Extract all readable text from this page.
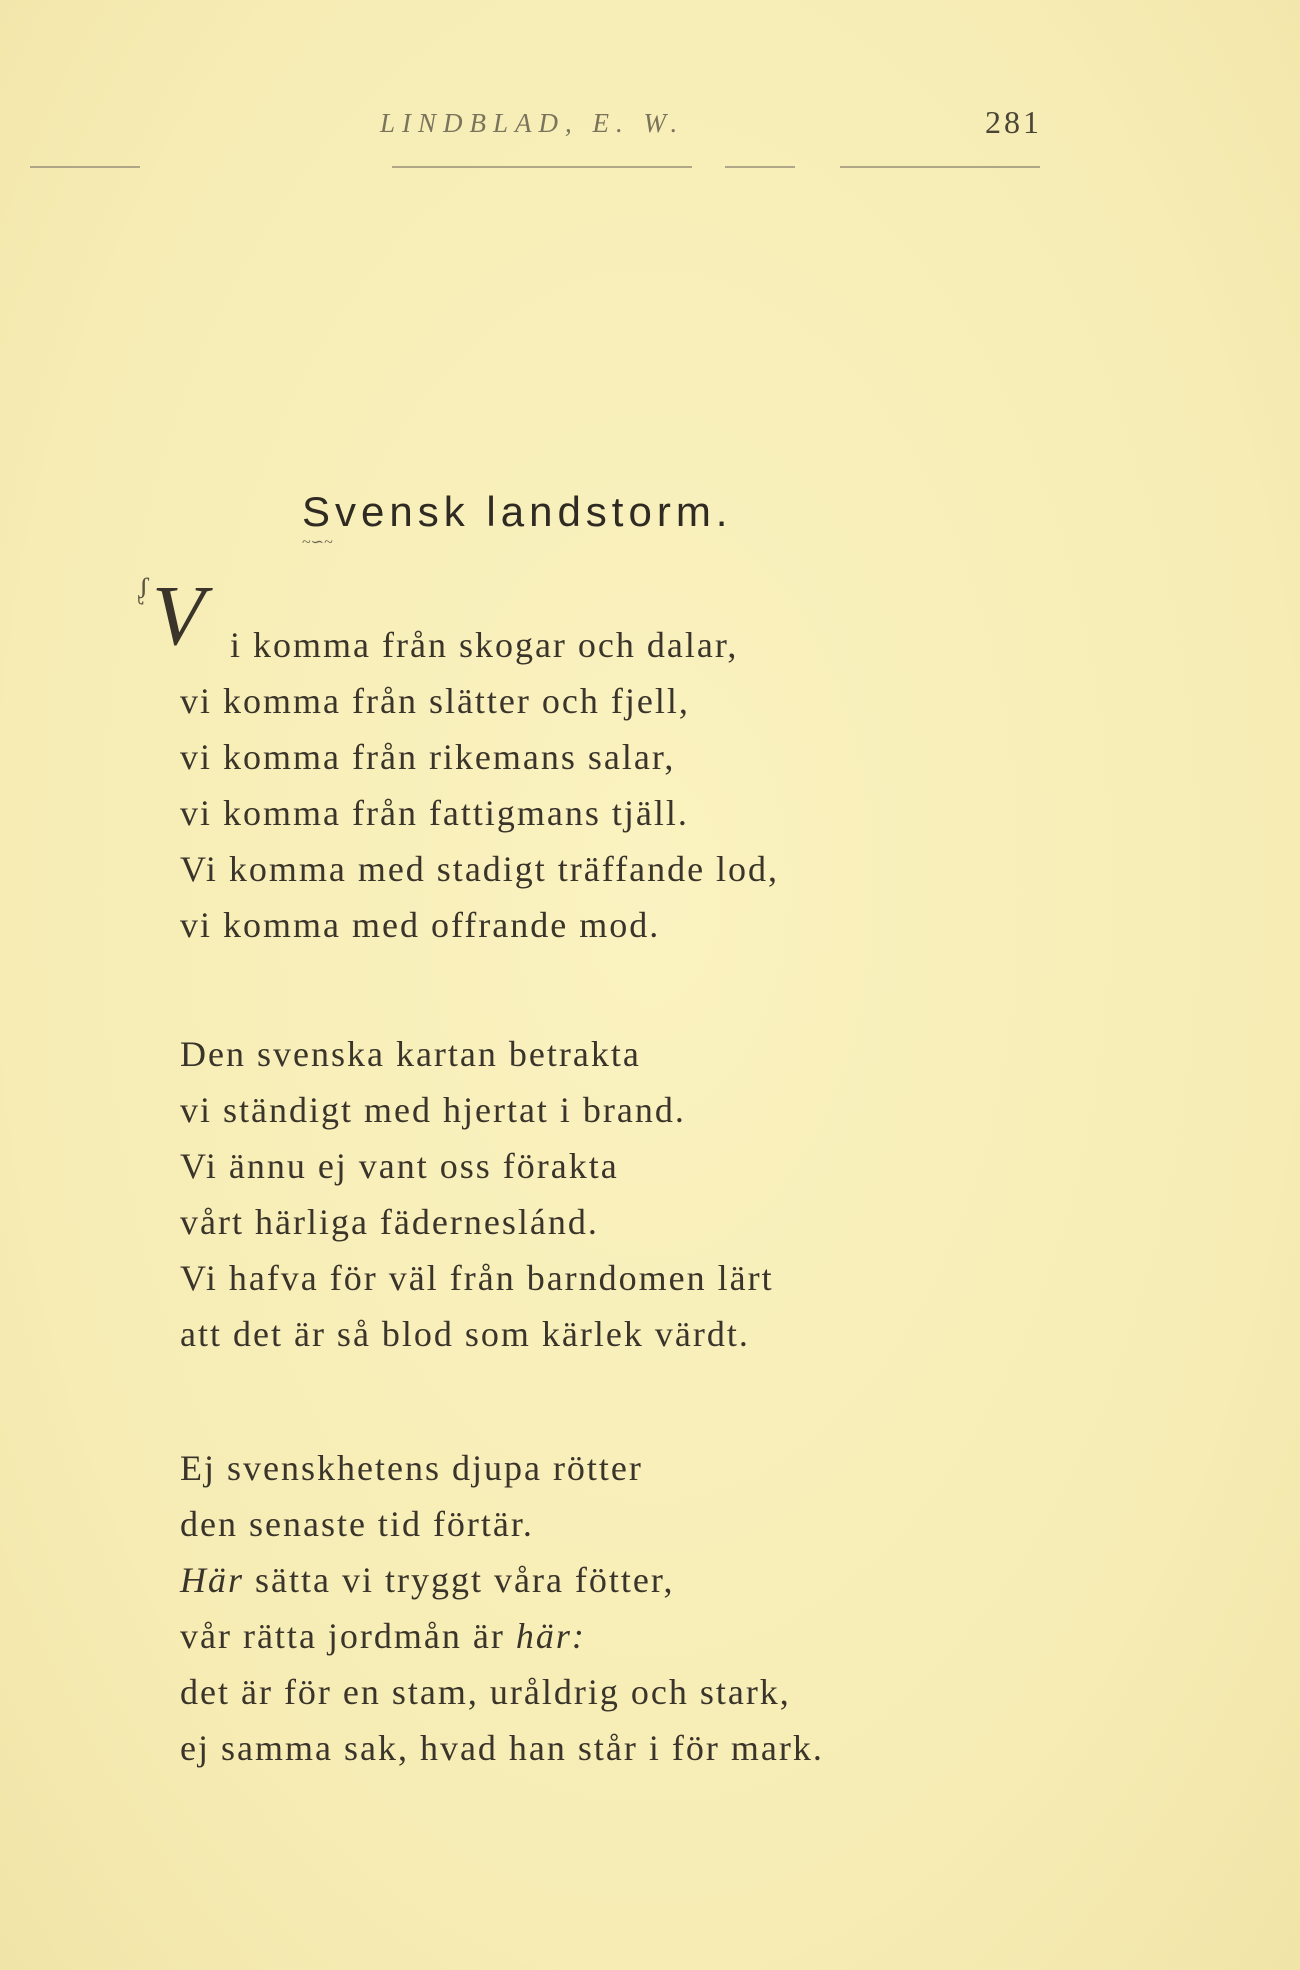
LINDBLAD, E. W.	281
Svensk landstorm.
~∽~
ᶘ V i komma från skogar och dalar,
vi komma från slätter och fjell,
vi komma från rikemans salar,
vi komma från fattigmans tjäll.
Vi komma med stadigt träffande lod,
vi komma med offrande mod.
Den svenska kartan betrakta
vi ständigt med hjertat i brand.
Vi ännu ej vant oss förakta
vårt härliga fäderneslánd.
Vi hafva för väl från barndomen lärt
att det är så blod som kärlek värdt.
Ej svenskhetens djupa rötter
den senaste tid förtär.
Här sätta vi tryggt våra fötter,
vår rätta jordmån är här:
det är för en stam, uråldrig och stark,
ej samma sak, hvad han står i för mark.
